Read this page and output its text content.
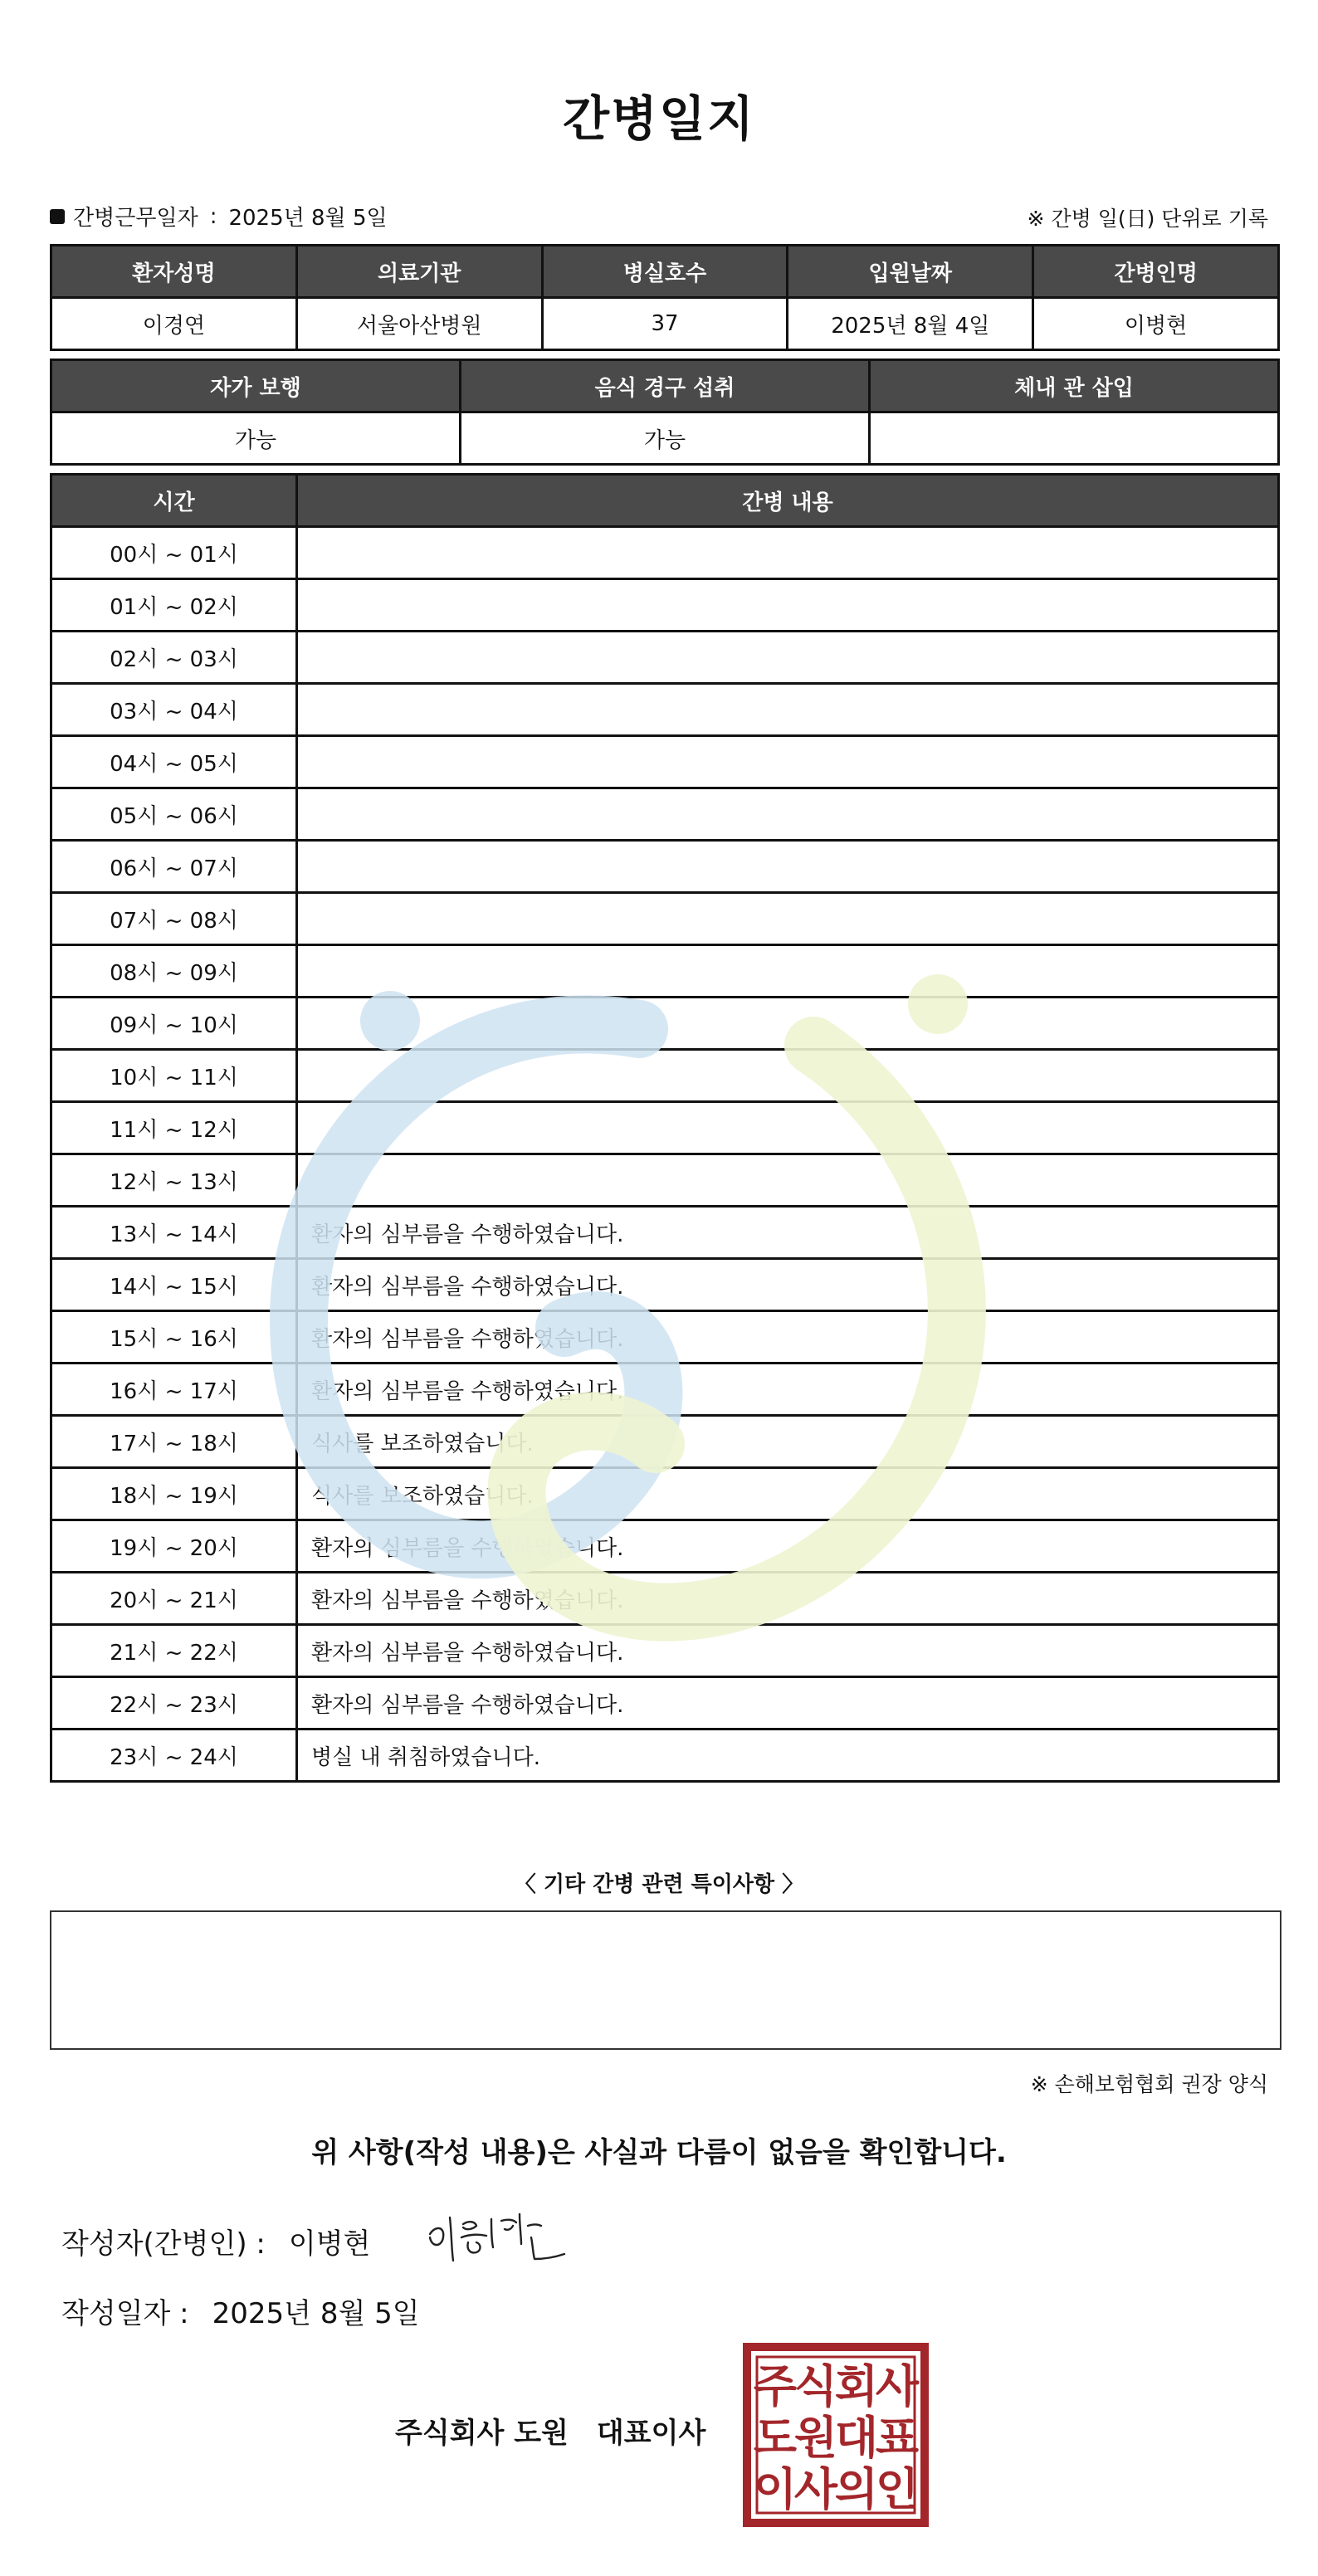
간병일지
간병근무일자 : 2025년 8월 5일	※ 간병 일(日) 단위로 기록
환자성명	의료기관	병실호수	입원날짜	간병인명
이경연	서울아산병원	37	2025년 8월 4일	이병현
자가 보행	음식 경구 섭취	체내 관 삽입
가능	가능	
시간	간병 내용
00시 ~ 01시	
01시 ~ 02시	
02시 ~ 03시	
03시 ~ 04시	
04시 ~ 05시	
05시 ~ 06시	
06시 ~ 07시	
07시 ~ 08시	
08시 ~ 09시	
09시 ~ 10시	
10시 ~ 11시	
11시 ~ 12시	
12시 ~ 13시	
13시 ~ 14시	환자의 심부름을 수행하였습니다.
14시 ~ 15시	환자의 심부름을 수행하였습니다.
15시 ~ 16시	환자의 심부름을 수행하였습니다.
16시 ~ 17시	환자의 심부름을 수행하였습니다.
17시 ~ 18시	식사를 보조하였습니다.
18시 ~ 19시	식사를 보조하였습니다.
19시 ~ 20시	환자의 심부름을 수행하였습니다.
20시 ~ 21시	환자의 심부름을 수행하였습니다.
21시 ~ 22시	환자의 심부름을 수행하였습니다.
22시 ~ 23시	환자의 심부름을 수행하였습니다.
23시 ~ 24시	병실 내 취침하였습니다.
〈 기타 간병 관련 특이사항 〉
※ 손해보험협회 권장 양식
위 사항(작성 내용)은 사실과 다름이 없음을 확인합니다.
작성자(간병인) : 이병현
작성일자 : 2025년 8월 5일
주식회사 도원 대표이사
주
식
회
사
도
원
대
표
이
사
의
인
